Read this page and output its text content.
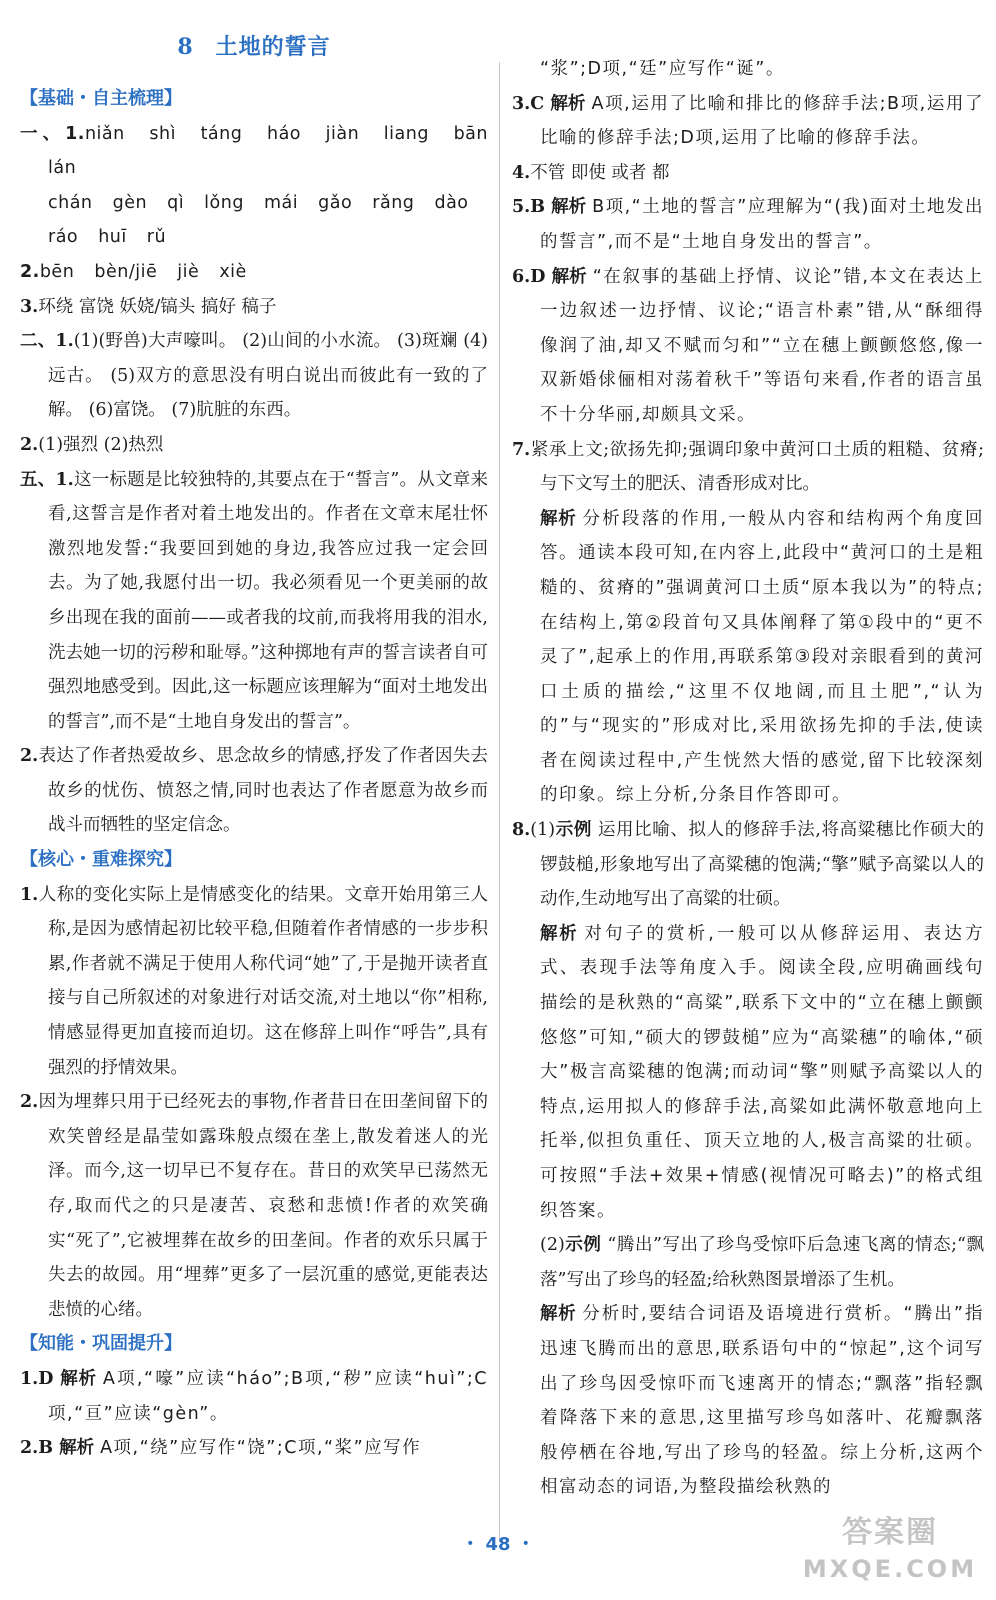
8 土地的誓言
【基础・自主梳理】

一、1.niǎn shì táng háo jiàn liang bān lán

chán gèn qì lǒng mái gǎo rǎng dào

ráo huī rǔ

2.bēn bèn/jiē jiè xiè

3.环绕 富饶 妖娆/镐头 搞好 稿子

二、1.(1)(野兽)大声嚎叫。 (2)山间的小水流。 (3)斑斓 (4)远古。 (5)双方的意思没有明白说出而彼此有一致的了解。 (6)富饶。 (7)肮脏的东西。

2.(1)强烈 (2)热烈

五、1.这一标题是比较独特的,其要点在于“誓言”。从文章来看,这誓言是作者对着土地发出的。作者在文章末尾壮怀激烈地发誓:“我要回到她的身边,我答应过我一定会回去。为了她,我愿付出一切。我必须看见一个更美丽的故乡出现在我的面前——或者我的坟前,而我将用我的泪水,洗去她一切的污秽和耻辱。”这种掷地有声的誓言读者自可强烈地感受到。因此,这一标题应该理解为“面对土地发出的誓言”,而不是“土地自身发出的誓言”。

2.表达了作者热爱故乡、思念故乡的情感,抒发了作者因失去故乡的忧伤、愤怒之情,同时也表达了作者愿意为故乡而战斗而牺牲的坚定信念。

【核心・重难探究】

1.人称的变化实际上是情感变化的结果。文章开始用第三人称,是因为感情起初比较平稳,但随着作者情感的一步步积累,作者就不满足于使用人称代词“她”了,于是抛开读者直接与自己所叙述的对象进行对话交流,对土地以“你”相称,情感显得更加直接而迫切。这在修辞上叫作“呼告”,具有强烈的抒情效果。

2.因为埋葬只用于已经死去的事物,作者昔日在田垄间留下的欢笑曾经是晶莹如露珠般点缀在垄上,散发着迷人的光泽。而今,这一切早已不复存在。昔日的欢笑早已荡然无存,取而代之的只是凄苦、哀愁和悲愤!作者的欢笑确实“死了”,它被埋葬在故乡的田垄间。作者的欢乐只属于失去的故园。用“埋葬”更多了一层沉重的感觉,更能表达悲愤的心绪。

【知能・巩固提升】

1.D 解析 A项,“嚎”应读“háo”;B项,“秽”应读“huì”;C项,“亘”应读“gèn”。

2.B 解析 A项,“绕”应写作“饶”;C项,“桨”应写作

“浆”;D项,“廷”应写作“诞”。

3.C 解析 A项,运用了比喻和排比的修辞手法;B项,运用了比喻的修辞手法;D项,运用了比喻的修辞手法。

4.不管 即使 或者 都

5.B 解析 B项,“土地的誓言”应理解为“(我)面对土地发出的誓言”,而不是“土地自身发出的誓言”。

6.D 解析 “在叙事的基础上抒情、议论”错,本文在表达上一边叙述一边抒情、议论;“语言朴素”错,从“酥细得像润了油,却又不赋而匀和”“立在穗上颤颤悠悠,像一双新婚俅俪相对荡着秋千”等语句来看,作者的语言虽不十分华丽,却颇具文采。

7.紧承上文;欲扬先抑;强调印象中黄河口土质的粗糙、贫瘠;与下文写土的肥沃、清香形成对比。

解析 分析段落的作用,一般从内容和结构两个角度回答。通读本段可知,在内容上,此段中“黄河口的土是粗糙的、贫瘠的”强调黄河口土质“原本我以为”的特点;在结构上,第②段首句又具体阐释了第①段中的“更不灵了”,起承上的作用,再联系第③段对亲眼看到的黄河口土质的描绘,“这里不仅地阔,而且土肥”,“认为的”与“现实的”形成对比,采用欲扬先抑的手法,使读者在阅读过程中,产生恍然大悟的感觉,留下比较深刻的印象。综上分析,分条目作答即可。

8.(1)示例 运用比喻、拟人的修辞手法,将高粱穗比作硕大的锣鼓槌,形象地写出了高粱穗的饱满;“擎”赋予高粱以人的动作,生动地写出了高粱的壮硕。

解析 对句子的赏析,一般可以从修辞运用、表达方式、表现手法等角度入手。阅读全段,应明确画线句描绘的是秋熟的“高粱”,联系下文中的“立在穗上颤颤悠悠”可知,“硕大的锣鼓槌”应为“高粱穗”的喻体,“硕大”极言高粱穗的饱满;而动词“擎”则赋予高粱以人的特点,运用拟人的修辞手法,高粱如此满怀敬意地向上托举,似担负重任、顶天立地的人,极言高粱的壮硕。可按照“手法+效果+情感(视情况可略去)”的格式组织答案。

(2)示例 “腾出”写出了珍鸟受惊吓后急速飞离的情态;“飘落”写出了珍鸟的轻盈;给秋熟图景增添了生机。

解析 分析时,要结合词语及语境进行赏析。“腾出”指迅速飞腾而出的意思,联系语句中的“惊起”,这个词写出了珍鸟因受惊吓而飞速离开的情态;“飘落”指轻飘着降落下来的意思,这里描写珍鸟如落叶、花瓣飘落般停栖在谷地,写出了珍鸟的轻盈。综上分析,这两个相富动态的词语,为整段描绘秋熟的

・ 48 ・	答案圈
MXQE.COM
